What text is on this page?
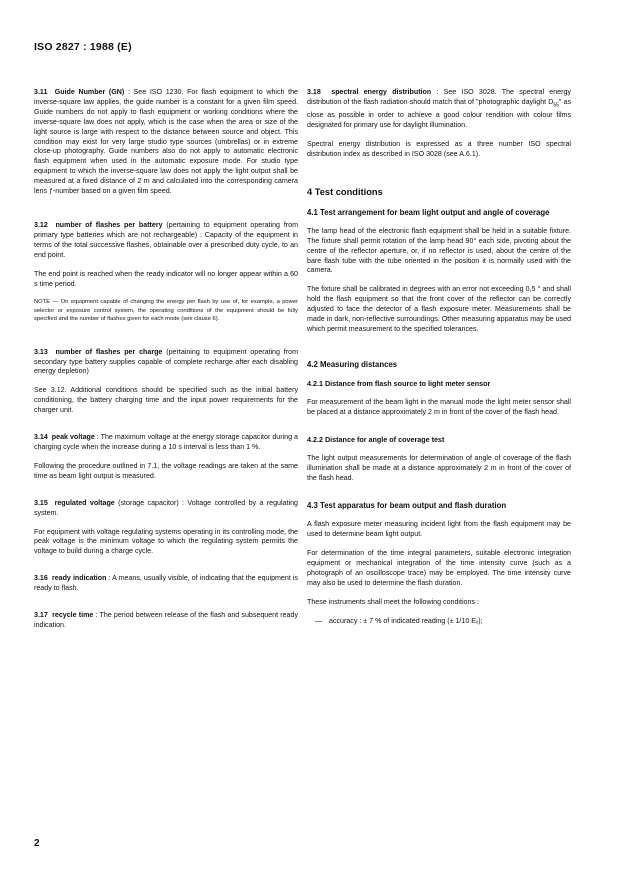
ISO 2827 : 1988 (E)

3.11 Guide Number (GN) : See ISO 1230. For flash equipment to which the inverse-square law applies, the guide number is a constant for a given film speed. Guide numbers do not apply to flash equipment or working conditions where the inverse-square law does not apply, which is the case when the area or size of the light source is large with respect to the distance between source and object. This condition may exist for very large studio type sources (umbrellas) or in extreme close-up photography. Guide numbers also do not apply to automatic electronic flash equipment when used in the automatic exposure mode. For studio type equipment to which the inverse-square law does not apply the light output shall be measured at a fixed distance of 2 m and calculated into the corresponding camera lens ƒ-number based on a given film speed.

3.12 number of flashes per battery (pertaining to equipment operating from primary type batteries which are not rechargeable) : Capacity of the equipment in terms of the total successive flashes, obtainable over a prescribed duty cycle, to an end point.

The end point is reached when the ready indicator will no longer appear within a 60 s time period.

NOTE — On equipment capable of changing the energy per flash by use of, for example, a power selector or exposure control system, the operating conditions of the equipment should be fully specified and the number of flashes given for each mode (see clause 6).

3.13 number of flashes per charge (pertaining to equipment operating from secondary type battery supplies capable of complete recharge after each disabling energy depletion)

See 3.12. Additional conditions should be specified such as the initial battery conditioning, the battery charging time and the input power requirements for the charger unit.

3.14 peak voltage : The maximum voltage at the energy storage capacitor during a charging cycle when the increase during a 10 s interval is less than 1 %.

Following the procedure outlined in 7.1, the voltage readings are taken at the same time as beam light output is measured.

3.15 regulated voltage (storage capacitor) : Voltage controlled by a regulating system.

For equipment with voltage regulating systems operating in its controlling mode, the peak voltage is the minimum voltage to which the regulating system permits the voltage to build during a charge cycle.

3.16 ready indication : A means, usually visible, of indicating that the equipment is ready to flash.

3.17 recycle time : The period between release of the flash and subsequent ready indication.

3.18 spectral energy distribution : See ISO 3028. The spectral energy distribution of the flash radiation should match that of "photographic daylight $D_{55}$" as close as possible in order to achieve a good colour rendition with colour films designated for primary use for daylight illumination.

Spectral energy distribution is expressed as a three number ISO spectral distribution index as described in ISO 3028 (see A.6.1).

4 Test conditions
4.1 Test arrangement for beam light output and angle of coverage

The lamp head of the electronic flash equipment shall be held in a suitable fixture. The fixture shall permit rotation of the lamp head 90° each side, pivoting about the centre of the reflector aperture, or, if no reflector is used, about the centre of the bare flash tube with the tube oriented in the position it is normally used with the camera.

The fixture shall be calibrated in degrees with an error not exceeding 0,5 ° and shall hold the flash equipment so that the front cover of the reflector can be correctly adjusted to face the detector of a flash exposure meter. Measurements shall be made in dark, non-reflective surroundings. Other measuring apparatus may be used which permit measurement to the specified tolerances.

4.2 Measuring distances
4.2.1 Distance from flash source to light meter sensor

For measurement of the beam light in the manual mode the light meter sensor shall be placed at a distance approximately 2 m in front of the cover of the flash head.

4.2.2 Distance for angle of coverage test

The light output measurements for determination of angle of coverage of the flash illumination shall be made at a distance approximately 2 m in front of the cover of the flash head.

4.3 Test apparatus for beam output and flash duration

A flash exposure meter measuring incident light from the flash equipment may be used to determine beam light output.

For determination of the time integral parameters, suitable electronic integration equipment or mechanical integration of the time intensity curve (such as a photograph of an oscilloscope trace) may be employed. The time intensity curve may also be used to determine the flash duration.

These instruments shall meet the following conditions :

— accuracy : ± 7 % of indicated reading (± 1/10 Eᵥ);

2
